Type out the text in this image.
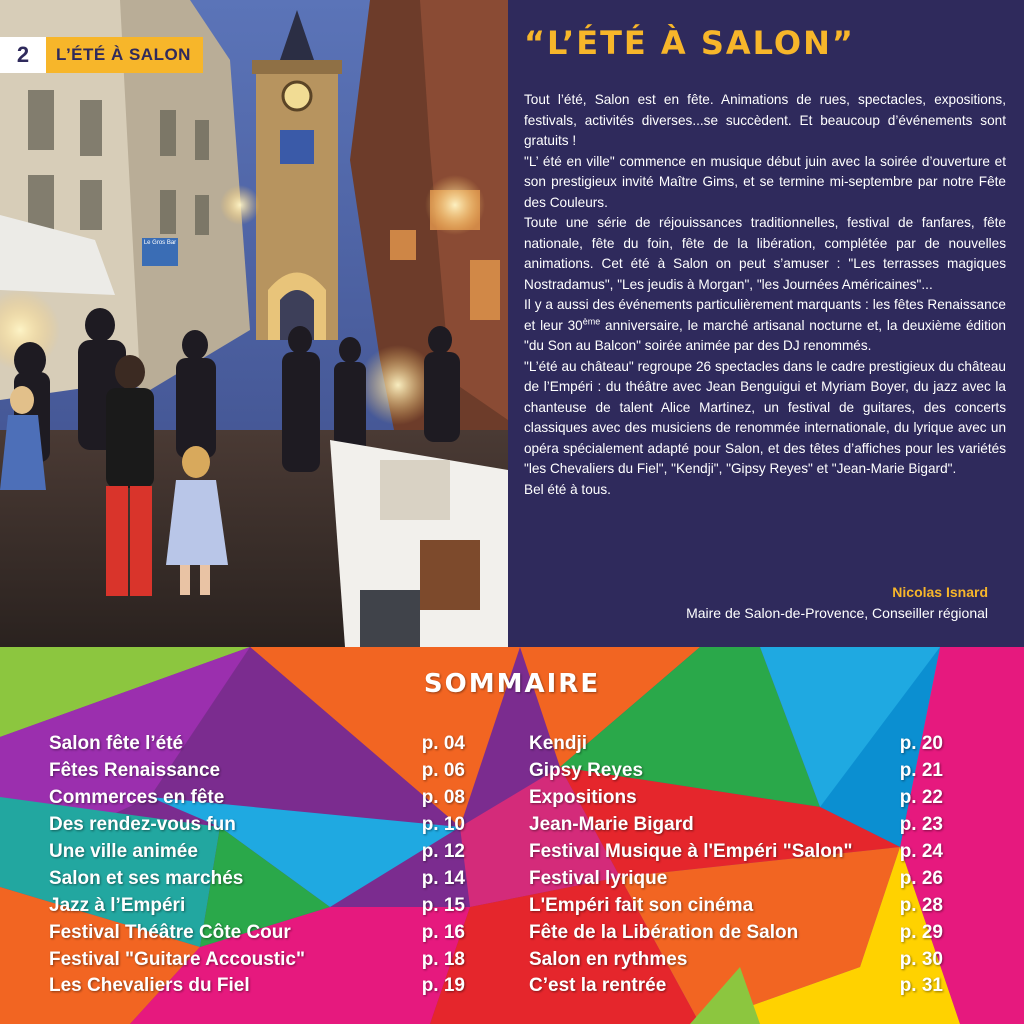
Le Gros Bar
2	L’ÉTÉ À SALON	“L’ÉTÉ À SALON”

Tout l’été, Salon est en fête. Animations de rues, spectacles, expositions, festivals, activités diverses...se succèdent. Et beaucoup d’événements sont gratuits !

"L’ été en ville" commence en musique début juin avec la soirée d’ouverture et son prestigieux invité Maître Gims, et se termine mi-septembre par notre Fête des Couleurs.

Toute une série de réjouissances traditionnelles, festival de fanfares, fête nationale, fête du foin, fête de la libération, complétée par de nouvelles animations. Cet été à Salon on peut s’amuser : "Les terrasses magiques Nostradamus", "Les jeudis à Morgan", "les Journées Américaines"...

Il y a aussi des événements particulièrement marquants : les fêtes Renaissance et leur 30ème anniversaire, le marché artisanal nocturne et, la deuxième édition "du Son au Balcon" soirée animée par des DJ renommés.

"L’été au château" regroupe 26 spectacles dans le cadre prestigieux du château de l’Empéri : du théâtre avec Jean Benguigui et Myriam Boyer, du jazz avec la chanteuse de talent Alice Martinez, un festival de guitares, des concerts classiques avec des musiciens de renommée internationale, du lyrique avec un opéra spécialement adapté pour Salon, et des têtes d’affiches pour les variétés "les Chevaliers du Fiel", "Kendji", "Gipsy Reyes" et "Jean-Marie Bigard".

Bel été à tous.

Nicolas Isnard
Maire de Salon-de-Provence, Conseiller régional
SOMMAIRE
Salon fête l’été	p. 04
Fêtes Renaissance	p. 06
Commerces en fête	p. 08
Des rendez-vous fun	p. 10
Une ville animée	p. 12
Salon et ses marchés	p. 14
Jazz à l’Empéri	p. 15
Festival Théâtre Côte Cour	p. 16
Festival "Guitare Accoustic"	p. 18
Les Chevaliers du Fiel	p. 19
Kendji	p. 20
Gipsy Reyes	p. 21
Expositions	p. 22
Jean-Marie Bigard	p. 23
Festival Musique à l'Empéri "Salon" p. 24
Festival lyrique	p. 26
L'Empéri fait son cinéma	p. 28
Fête de la Libération de Salon	p. 29
Salon en rythmes	p. 30
C’est la rentrée	p. 31
